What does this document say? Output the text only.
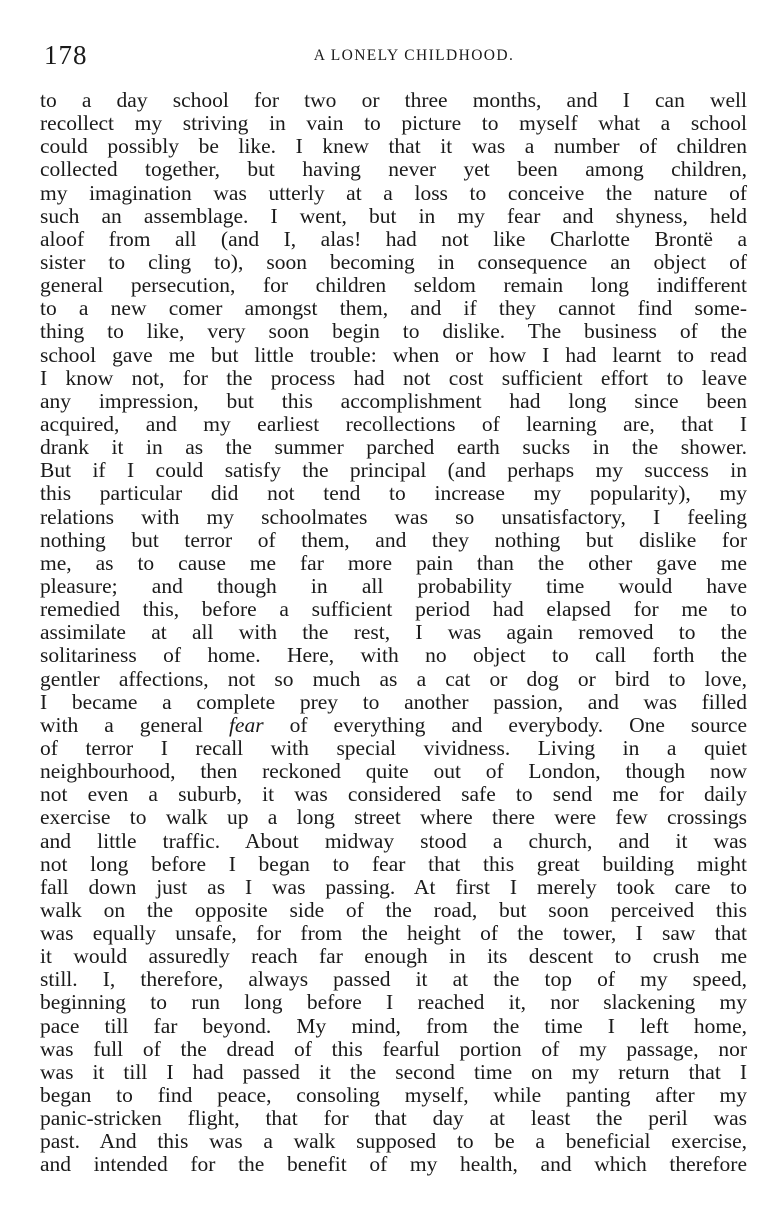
178	A LONELY CHILDHOOD.
to a day school for two or three months, and I can well
recollect my striving in vain to picture to myself what a school
could possibly be like. I knew that it was a number of children
collected together, but having never yet been among children,
my imagination was utterly at a loss to conceive the nature of
such an assemblage. I went, but in my fear and shyness, held
aloof from all (and I, alas! had not like Charlotte Brontë a
sister to cling to), soon becoming in consequence an object of
general persecution, for children seldom remain long indifferent
to a new comer amongst them, and if they cannot find some-
thing to like, very soon begin to dislike. The business of the
school gave me but little trouble: when or how I had learnt to read
I know not, for the process had not cost sufficient effort to leave
any impression, but this accomplishment had long since been
acquired, and my earliest recollections of learning are, that I
drank it in as the summer parched earth sucks in the shower.
But if I could satisfy the principal (and perhaps my success in
this particular did not tend to increase my popularity), my
relations with my schoolmates was so unsatisfactory, I feeling
nothing but terror of them, and they nothing but dislike for
me, as to cause me far more pain than the other gave me
pleasure; and though in all probability time would have
remedied this, before a sufficient period had elapsed for me to
assimilate at all with the rest, I was again removed to the
solitariness of home. Here, with no object to call forth the
gentler affections, not so much as a cat or dog or bird to love,
I became a complete prey to another passion, and was filled
with a general fear of everything and everybody. One source
of terror I recall with special vividness. Living in a quiet
neighbourhood, then reckoned quite out of London, though now
not even a suburb, it was considered safe to send me for daily
exercise to walk up a long street where there were few crossings
and little traffic. About midway stood a church, and it was
not long before I began to fear that this great building might
fall down just as I was passing. At first I merely took care to
walk on the opposite side of the road, but soon perceived this
was equally unsafe, for from the height of the tower, I saw that
it would assuredly reach far enough in its descent to crush me
still. I, therefore, always passed it at the top of my speed,
beginning to run long before I reached it, nor slackening my
pace till far beyond. My mind, from the time I left home,
was full of the dread of this fearful portion of my passage, nor
was it till I had passed it the second time on my return that I
began to find peace, consoling myself, while panting after my
panic-stricken flight, that for that day at least the peril was
past. And this was a walk supposed to be a beneficial exercise,
and intended for the benefit of my health, and which therefore
